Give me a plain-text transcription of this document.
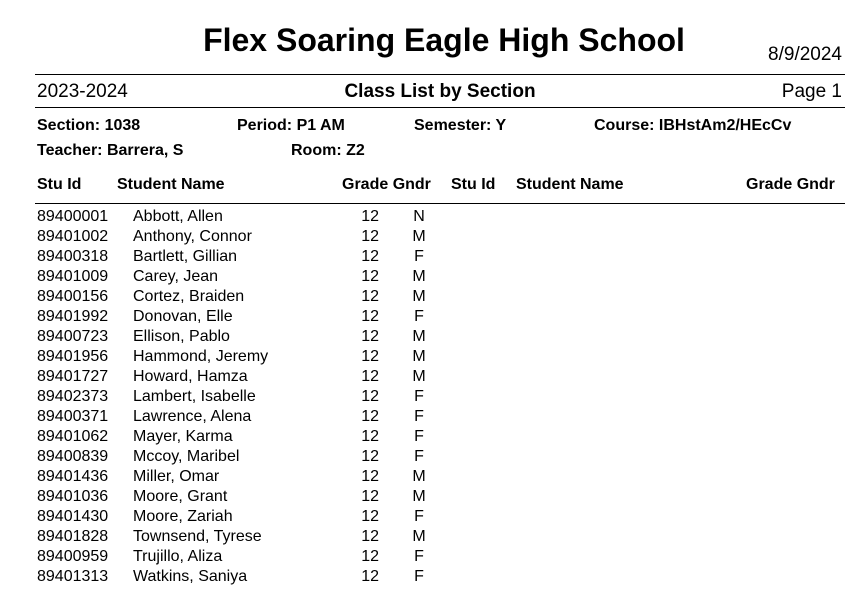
Flex Soaring Eagle High School	8/9/2024
2023-2024	Class List by Section	Page 1
Section: 1038	Period: P1 AM	Semester: Y	Course: IBHstAm2/HEcCv
Teacher: Barrera, S	Room: Z2
Stu Id Student Name	Grade Gndr Stu Id Student Name	Grade Gndr
89400001 Abbott, Allen	12 N
89401002 Anthony, Connor	12 M
89400318 Bartlett, Gillian	12 F
89401009 Carey, Jean	12 M
89400156 Cortez, Braiden	12 M
89401992 Donovan, Elle	12 F
89400723 Ellison, Pablo	12 M
89401956 Hammond, Jeremy	12 M
89401727 Howard, Hamza	12 M
89402373 Lambert, Isabelle	12 F
89400371 Lawrence, Alena	12 F
89401062 Mayer, Karma	12 F
89400839 Mccoy, Maribel	12 F
89401436 Miller, Omar	12 M
89401036 Moore, Grant	12 M
89401430 Moore, Zariah	12 F
89401828 Townsend, Tyrese	12 M
89400959 Trujillo, Aliza	12 F
89401313 Watkins, Saniya	12 F
